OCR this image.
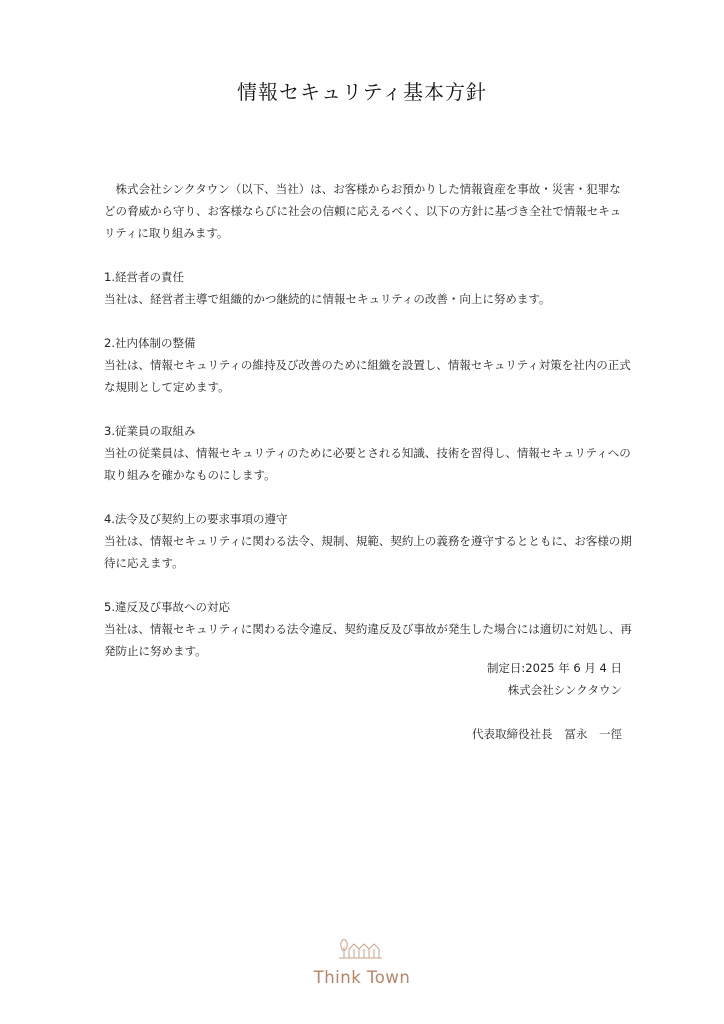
情報セキュリティ基本方針

株式会社シンクタウン（以下、当社）は、お客様からお預かりした情報資産を事故・災害・犯罪などの脅威から守り、お客様ならびに社会の信頼に応えるべく、以下の方針に基づき全社で情報セキュリティに取り組みます。

1.経営者の責任

当社は、経営者主導で組織的かつ継続的に情報セキュリティの改善・向上に努めます。

2.社内体制の整備

当社は、情報セキュリティの維持及び改善のために組織を設置し、情報セキュリティ対策を社内の正式な規則として定めます。

3.従業員の取組み

当社の従業員は、情報セキュリティのために必要とされる知識、技術を習得し、情報セキュリティへの取り組みを確かなものにします。

4.法令及び契約上の要求事項の遵守

当社は、情報セキュリティに関わる法令、規制、規範、契約上の義務を遵守するとともに、お客様の期待に応えます。

5.違反及び事故への対応

当社は、情報セキュリティに関わる法令違反、契約違反及び事故が発生した場合には適切に対処し、再発防止に努めます。

制定日:2025 年 6 月 4 日
株式会社シンクタウン
代表取締役社長 冨永　一徑
Think Town
